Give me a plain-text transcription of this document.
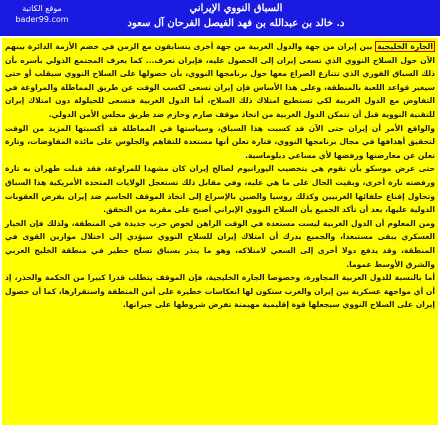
موقع الكاتبة
bader99.com
السباق النووي الإيراني
د. خالد بن عبدالله بن فهد الفيصل الفرحان آل سعود

الجارة الخليجية بين إيران من جهة والدول الغربية من جهة أخرى يتسابقون مع الزمن في خضم الأزمة الدائرة بينهم الآن حول السلاح النووي الذي تسعى إيران إلى الحصول عليه، فإيران تعرف... كما يعرف المجتمع الدولي بأسره بأن ذلك السباق الفوري الذي تتنازع الصراع معها حول برنامجها النووي، بأن حصولها على السلاح النووي سيقلب أو حتى سيغير قواعد اللعبة بالمنطقة، وعلى هذا الأساس فإن إيران تسعى لكسب الوقت عن طريق المماطلة والمراوغة في التفاوض مع الدول الغربية لكي تستطيع امتلاك ذلك السلاح، أما الدول الغربية فتسعى للحيلولة دون امتلاك إيران للتقنية النووية قبل أن تتمكن الدول الغربية من اتخاذ موقف صارم وحازم ضد طريق مجلس الأمن الدولي.

والواقع الأمر أن إيران حتى الآن قد كسبت هذا السباق، وسياستها في المماطلة قد أكسبتها المزيد من الوقت لتحقيق أهدافها في مجال برنامجها النووي، فتارة تعلن أنها مستعدة للتفاهم والجلوس على مائدة المفاوضات، وتارة تعلن عن معارضتها ورفضها لأي مساعي دبلوماسية.

حتى عرض موسكو بأن تقوم هي بتخصيب اليورانيوم لصالح إيران كان مشهدا للمراوغة، فقد قبلت طهران به تارة ورفضته تارة أخرى، وبقيت الحال على ما هي عليه، وفي مقابل ذلك تستعجل الولايات المتحدة الأمريكية هذا السباق وتحاول إقناع حلفائها الغربيين وكذلك روسيا والصين بالإسراع إلى اتخاذ الموقف الحاسم ضد إيران بفرض العقوبات الدولية عليها، بعد أن تأكد الجميع بأن السلاح النووي الإيراني أصبح على مقربة من التحقق.

ومن المعلوم أن الدول الغربية ليست مستعدة في الوقت الراهن لخوض حرب جديدة في المنطقة، ولذلك فإن الخيار العسكري يبقى مستبعدا، والجميع يدرك أن امتلاك إيران للسلاح النووي سيؤدي إلى اختلال موازين القوى في المنطقة، وقد يدفع دولا أخرى إلى السعي لامتلاكه، وهو ما ينذر بسباق تسلح خطير في منطقة الخليج العربي والشرق الأوسط عموما.

أما بالنسبة للدول العربية المجاورة، وخصوصا الجارة الخليجية، فإن الموقف يتطلب قدرا كبيرا من الحكمة والحذر، إذ أن أي مواجهة عسكرية بين إيران والغرب ستكون لها انعكاسات خطيرة على أمن المنطقة واستقرارها، كما أن حصول إيران على السلاح النووي سيجعلها قوة إقليمية مهيمنة تفرض شروطها على جيرانها.
